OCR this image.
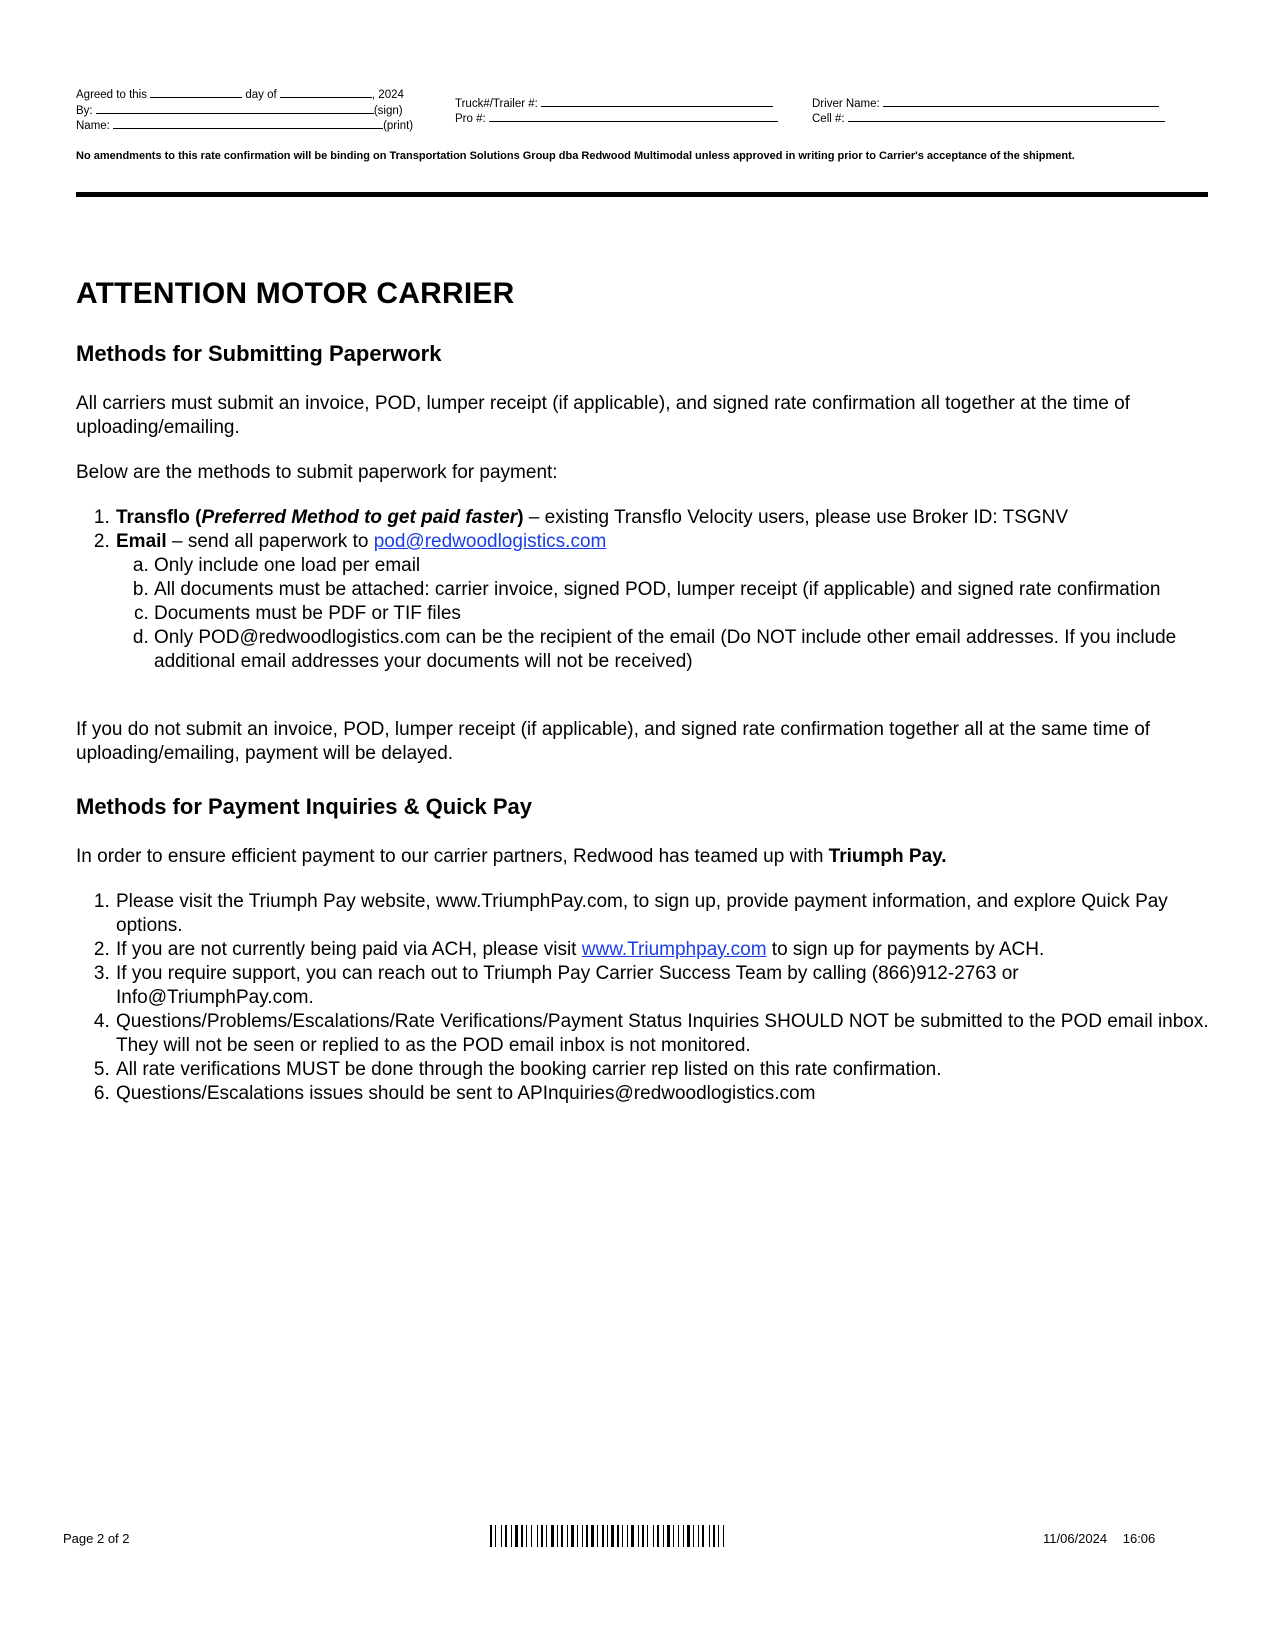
Agreed to this	day of	, 2024
By:	(sign)
Name:	(print)
Truck#/Trailer #:
Pro #:
Driver Name:
Cell #:
No amendments to this rate confirmation will be binding on Transportation Solutions Group dba Redwood Multimodal unless approved in writing prior to Carrier's acceptance of the shipment.
ATTENTION MOTOR CARRIER
Methods for Submitting Paperwork
All carriers must submit an invoice, POD, lumper receipt (if applicable), and signed rate confirmation all together at the time of uploading/emailing.
Below are the methods to submit paperwork for payment:
1. Transflo (Preferred Method to get paid faster) – existing Transflo Velocity users, please use Broker ID: TSGNV
2. Email – send all paperwork to pod@redwoodlogistics.com
a. Only include one load per email
b. All documents must be attached: carrier invoice, signed POD, lumper receipt (if applicable) and signed rate confirmation
c. Documents must be PDF or TIF files
d. Only POD@redwoodlogistics.com can be the recipient of the email (Do NOT include other email addresses. If you include additional email addresses your documents will not be received)
If you do not submit an invoice, POD, lumper receipt (if applicable), and signed rate confirmation together all at the same time of uploading/emailing, payment will be delayed.
Methods for Payment Inquiries & Quick Pay
In order to ensure efficient payment to our carrier partners, Redwood has teamed up with Triumph Pay.
1. Please visit the Triumph Pay website, www.TriumphPay.com, to sign up, provide payment information, and explore Quick Pay options.
2. If you are not currently being paid via ACH, please visit www.Triumphpay.com to sign up for payments by ACH.
3. If you require support, you can reach out to Triumph Pay Carrier Success Team by calling (866)912-2763 or Info@TriumphPay.com.
4. Questions/Problems/Escalations/Rate Verifications/Payment Status Inquiries SHOULD NOT be submitted to the POD email inbox. They will not be seen or replied to as the POD email inbox is not monitored.
5. All rate verifications MUST be done through the booking carrier rep listed on this rate confirmation.
6. Questions/Escalations issues should be sent to APInquiries@redwoodlogistics.com
Page 2 of 2	11/06/2024 16:06
